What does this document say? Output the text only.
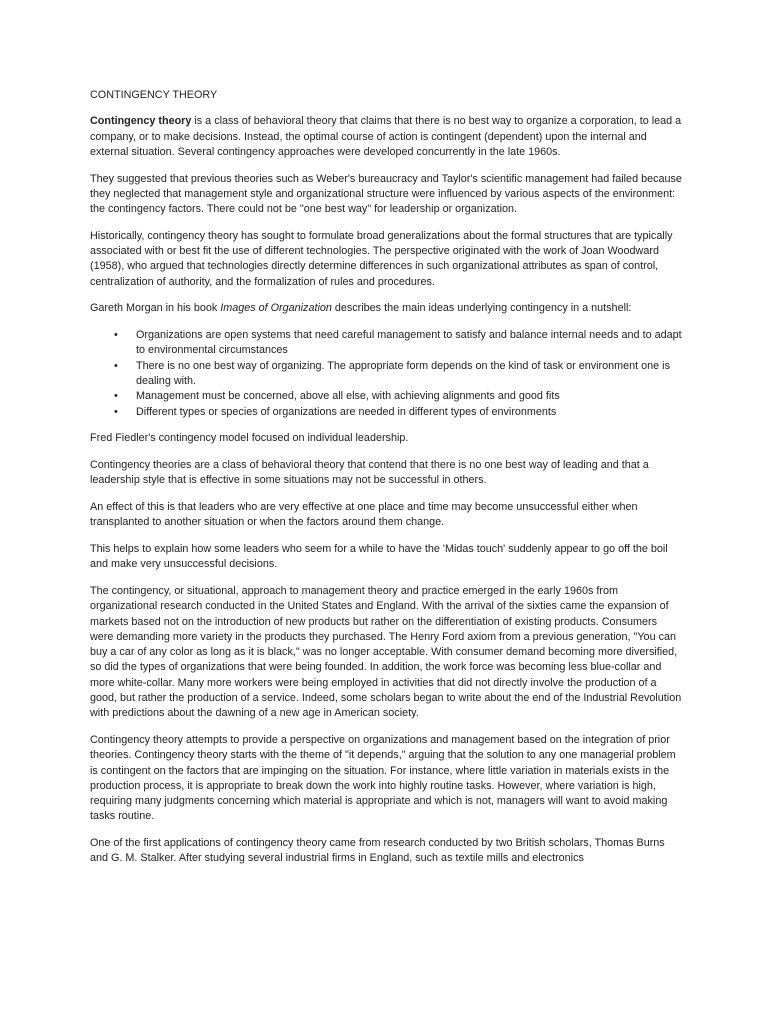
CONTINGENCY THEORY

Contingency theory is a class of behavioral theory that claims that there is no best way to organize a corporation, to lead a company, or to make decisions. Instead, the optimal course of action is contingent (dependent) upon the internal and external situation. Several contingency approaches were developed concurrently in the late 1960s.

They suggested that previous theories such as Weber's bureaucracy and Taylor's scientific management had failed because they neglected that management style and organizational structure were influenced by various aspects of the environment: the contingency factors. There could not be "one best way" for leadership or organization.

Historically, contingency theory has sought to formulate broad generalizations about the formal structures that are typically associated with or best fit the use of different technologies. The perspective originated with the work of Joan Woodward (1958), who argued that technologies directly determine differences in such organizational attributes as span of control, centralization of authority, and the formalization of rules and procedures.

Gareth Morgan in his book Images of Organization describes the main ideas underlying contingency in a nutshell:

• Organizations are open systems that need careful management to satisfy and balance internal needs and to adapt to environmental circumstances
• There is no one best way of organizing. The appropriate form depends on the kind of task or environment one is dealing with.
• Management must be concerned, above all else, with achieving alignments and good fits
• Different types or species of organizations are needed in different types of environments

Fred Fiedler's contingency model focused on individual leadership.

Contingency theories are a class of behavioral theory that contend that there is no one best way of leading and that a leadership style that is effective in some situations may not be successful in others.

An effect of this is that leaders who are very effective at one place and time may become unsuccessful either when transplanted to another situation or when the factors around them change.

This helps to explain how some leaders who seem for a while to have the 'Midas touch' suddenly appear to go off the boil and make very unsuccessful decisions.

The contingency, or situational, approach to management theory and practice emerged in the early 1960s from organizational research conducted in the United States and England. With the arrival of the sixties came the expansion of markets based not on the introduction of new products but rather on the differentiation of existing products. Consumers were demanding more variety in the products they purchased. The Henry Ford axiom from a previous generation, "You can buy a car of any color as long as it is black," was no longer acceptable. With consumer demand becoming more diversified, so did the types of organizations that were being founded. In addition, the work force was becoming less blue-collar and more white-collar. Many more workers were being employed in activities that did not directly involve the production of a good, but rather the production of a service. Indeed, some scholars began to write about the end of the Industrial Revolution with predictions about the dawning of a new age in American society.

Contingency theory attempts to provide a perspective on organizations and management based on the integration of prior theories. Contingency theory starts with the theme of "it depends," arguing that the solution to any one managerial problem is contingent on the factors that are impinging on the situation. For instance, where little variation in materials exists in the production process, it is appropriate to break down the work into highly routine tasks. However, where variation is high, requiring many judgments concerning which material is appropriate and which is not, managers will want to avoid making tasks routine.

One of the first applications of contingency theory came from research conducted by two British scholars, Thomas Burns and G. M. Stalker. After studying several industrial firms in England, such as textile mills and electronics
